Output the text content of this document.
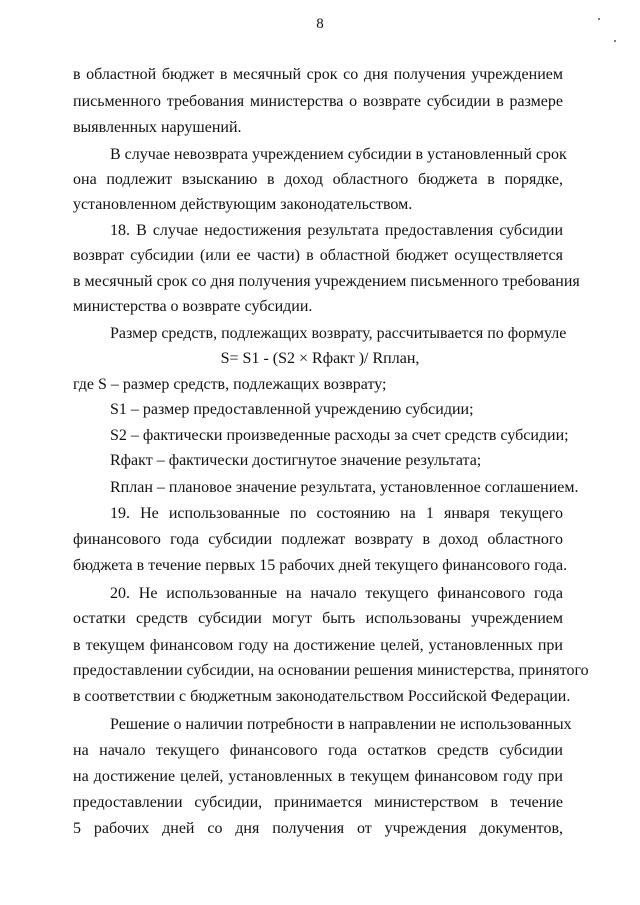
8
в областной бюджет в месячный срок со дня получения учреждением
письменного требования министерства о возврате субсидии в размере
выявленных нарушений.
В случае невозврата учреждением субсидии в установленный срок
она подлежит взысканию в доход областного бюджета в порядке,
установленном действующим законодательством.
18. В случае недостижения результата предоставления субсидии
возврат субсидии (или ее части) в областной бюджет осуществляется
в месячный срок со дня получения учреждением письменного требования
министерства о возврате субсидии.
Размер средств, подлежащих возврату, рассчитывается по формуле
S= S1 - (S2 × Rфакт )/ Rплан,
где S – размер средств, подлежащих возврату;
S1 – размер предоставленной учреждению субсидии;
S2 – фактически произведенные расходы за счет средств субсидии;
Rфакт – фактически достигнутое значение результата;
Rплан – плановое значение результата, установленное соглашением.
19. Не использованные по состоянию на 1 января текущего
финансового года субсидии подлежат возврату в доход областного
бюджета в течение первых 15 рабочих дней текущего финансового года.
20. Не использованные на начало текущего финансового года
остатки средств субсидии могут быть использованы учреждением
в текущем финансовом году на достижение целей, установленных при
предоставлении субсидии, на основании решения министерства, принятого
в соответствии с бюджетным законодательством Российской Федерации.
Решение о наличии потребности в направлении не использованных
на начало текущего финансового года остатков средств субсидии
на достижение целей, установленных в текущем финансовом году при
предоставлении субсидии, принимается министерством в течение
5 рабочих дней со дня получения от учреждения документов,
